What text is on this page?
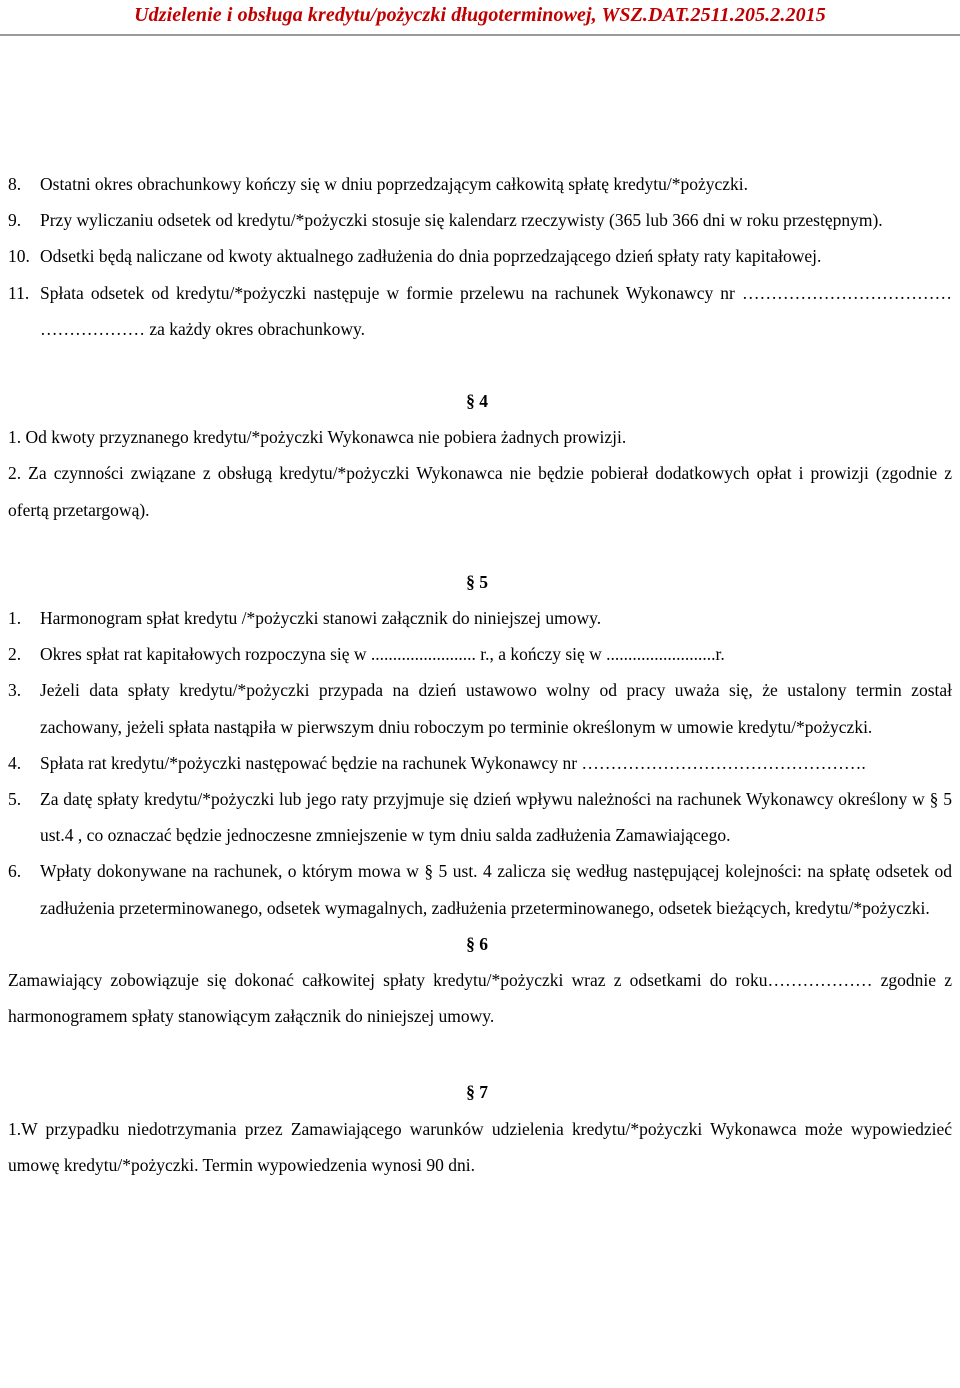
Udzielenie i obsługa kredytu/pożyczki długoterminowej, WSZ.DAT.2511.205.2.2015
8.	Ostatni okres obrachunkowy kończy się w dniu poprzedzającym całkowitą spłatę kredytu/*pożyczki.
9.	Przy wyliczaniu odsetek od kredytu/*pożyczki stosuje się kalendarz rzeczywisty (365 lub 366 dni w roku przestępnym).
10. Odsetki będą naliczane od kwoty aktualnego zadłużenia do dnia poprzedzającego dzień spłaty raty kapitałowej.
11. Spłata odsetek od kredytu/*pożyczki następuje w formie przelewu na rachunek Wykonawcy nr ……………………………… ……………… za każdy okres obrachunkowy.
§ 4
1. Od kwoty przyznanego kredytu/*pożyczki Wykonawca nie pobiera żadnych prowizji.
2. Za czynności związane z obsługą kredytu/*pożyczki Wykonawca nie będzie pobierał dodatkowych opłat i prowizji (zgodnie z ofertą przetargową).
§ 5
1.	Harmonogram spłat kredytu /*pożyczki stanowi załącznik do niniejszej umowy.
2.	Okres spłat rat kapitałowych rozpoczyna się w ........................ r., a kończy się w .........................r.
3.	Jeżeli data spłaty kredytu/*pożyczki przypada na dzień ustawowo wolny od pracy uważa się, że ustalony termin został zachowany, jeżeli spłata nastąpiła w pierwszym dniu roboczym po terminie określonym w umowie kredytu/*pożyczki.
4.	Spłata rat kredytu/*pożyczki następować będzie na rachunek Wykonawcy nr ………………………………………….
5.	Za datę spłaty kredytu/*pożyczki lub jego raty przyjmuje się dzień wpływu należności na rachunek Wykonawcy określony w § 5 ust.4 , co oznaczać będzie jednoczesne zmniejszenie w tym dniu salda zadłużenia Zamawiającego.
6.	Wpłaty dokonywane na rachunek, o którym mowa w § 5 ust. 4 zalicza się według następującej kolejności: na spłatę odsetek od zadłużenia przeterminowanego, odsetek wymagalnych, zadłużenia przeterminowanego, odsetek bieżących, kredytu/*pożyczki.
§ 6
Zamawiający zobowiązuje się dokonać całkowitej spłaty kredytu/*pożyczki wraz z odsetkami do roku……………… zgodnie z harmonogramem spłaty stanowiącym załącznik do niniejszej umowy.
§ 7
1.W przypadku niedotrzymania przez Zamawiającego warunków udzielenia kredytu/*pożyczki Wykonawca może wypowiedzieć umowę kredytu/*pożyczki. Termin wypowiedzenia wynosi 90 dni.
